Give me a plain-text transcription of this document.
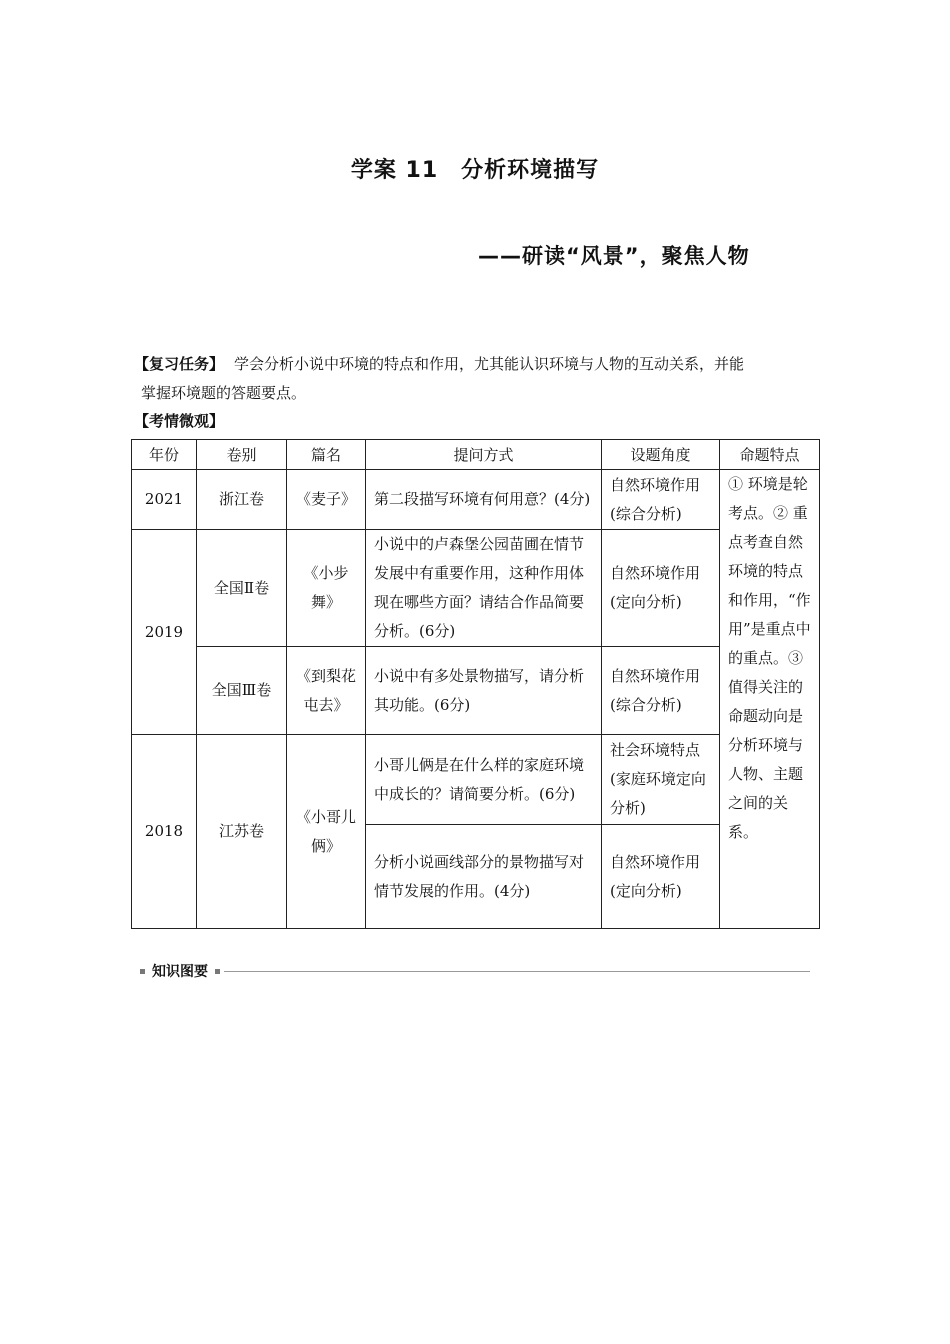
学案 11　分析环境描写
——研读“风景”，聚焦人物
【复习任务】 学会分析小说中环境的特点和作用，尤其能认识环境与人物的互动关系，并能
掌握环境题的答题要点。
【考情微观】
年份	卷别	篇名	提问方式	设题角度	命题特点
2021	浙江卷	《麦子》	第二段描写环境有何用意？(4分)	自然环境作用(综合分析)	① 环境是轮考点。② 重点考查自然环境的特点和作用，“作用”是重点中的重点。③ 值得关注的命题动向是分析环境与人物、主题之间的关系。
2019	全国Ⅱ卷	《小步舞》	小说中的卢森堡公园苗圃在情节发展中有重要作用，这种作用体现在哪些方面？请结合作品简要分析。(6分)	自然环境作用(定向分析)	
	全国Ⅲ卷	《到梨花屯去》	小说中有多处景物描写，请分析其功能。(6分)	自然环境作用(综合分析)	
2018	江苏卷	《小哥儿俩》	小哥儿俩是在什么样的家庭环境中成长的？请简要分析。(6分)	社会环境特点(家庭环境定向分析)	
			分析小说画线部分的景物描写对情节发展的作用。(4分)	自然环境作用(定向分析)	
知识图要
